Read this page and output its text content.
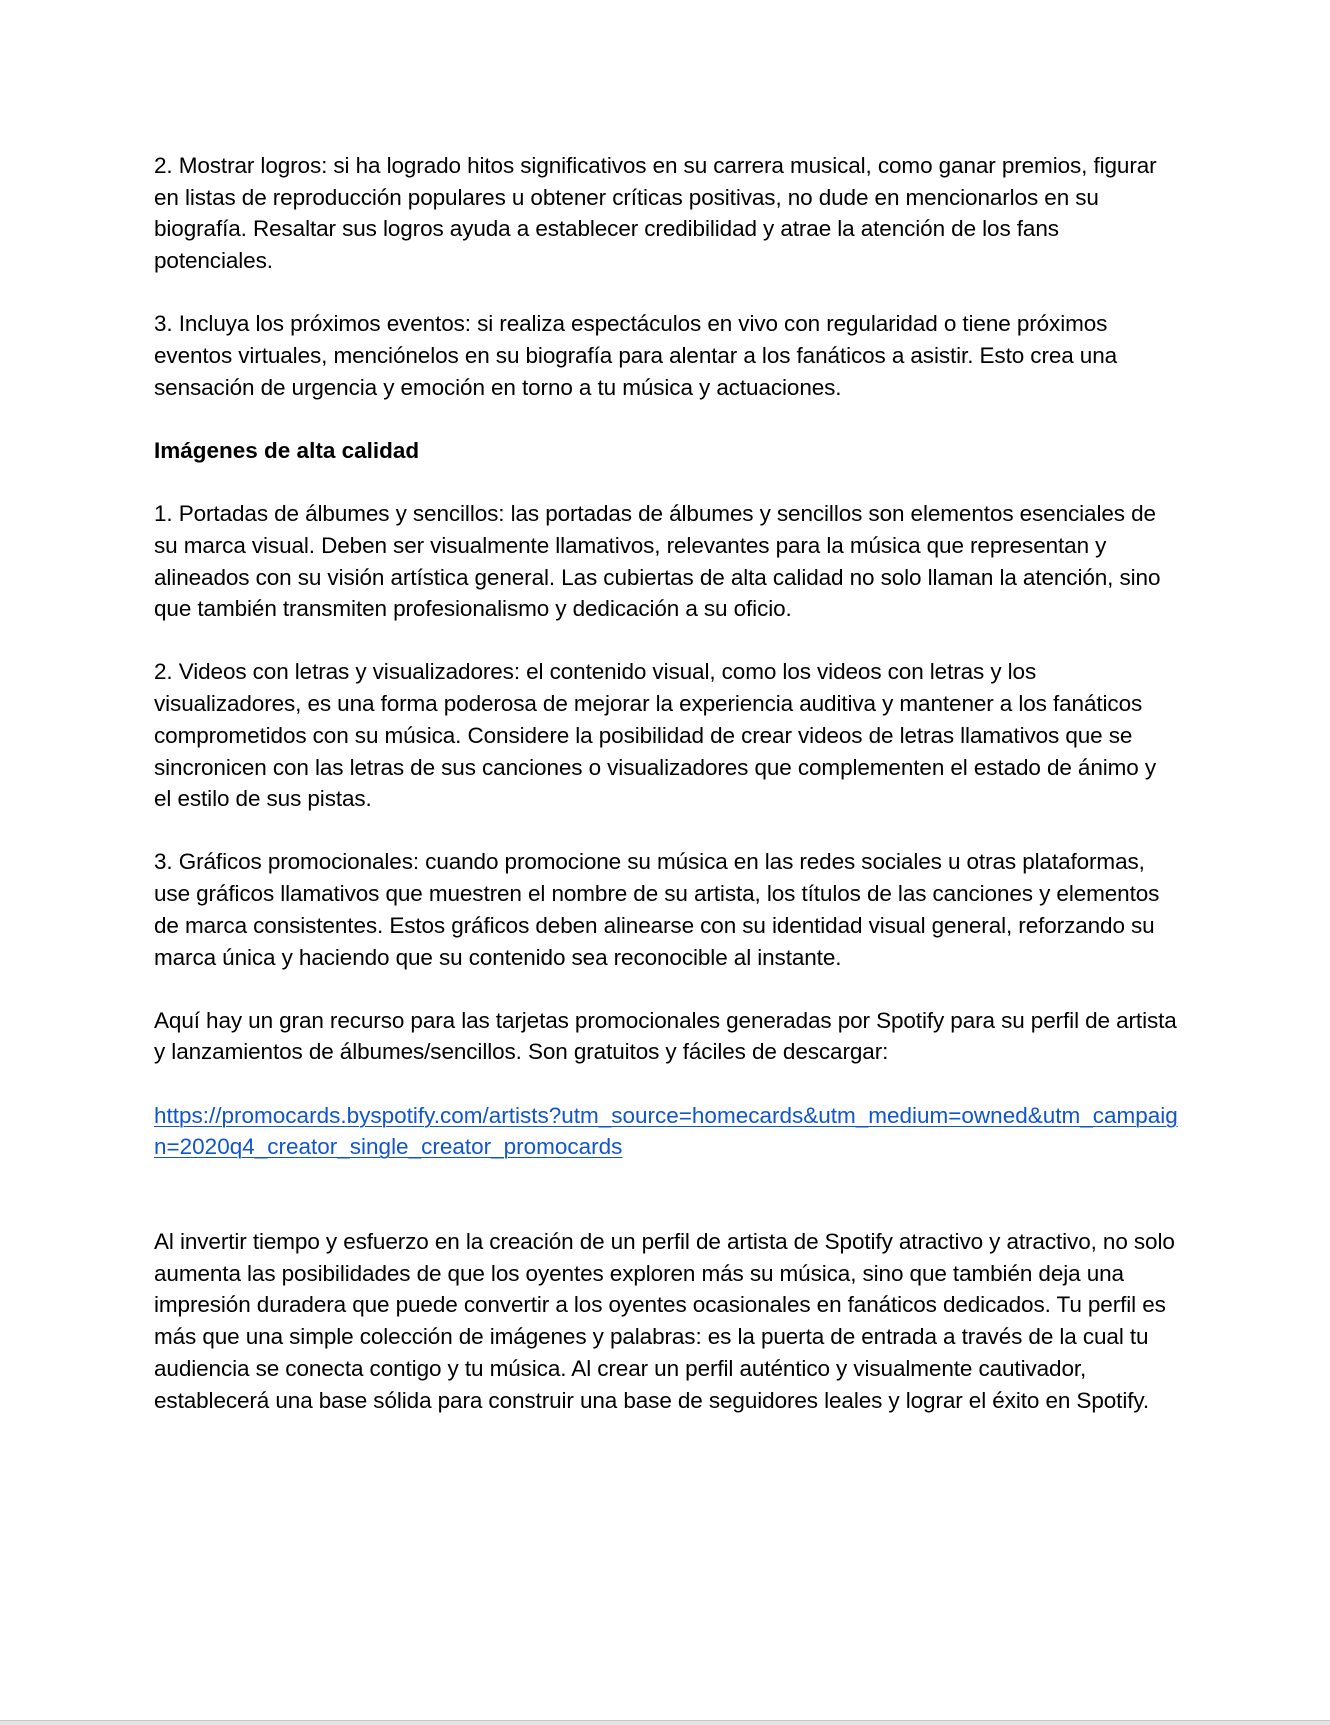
2. Mostrar logros: si ha logrado hitos significativos en su carrera musical, como ganar premios, figurar en listas de reproducción populares u obtener críticas positivas, no dude en mencionarlos en su biografía. Resaltar sus logros ayuda a establecer credibilidad y atrae la atención de los fans potenciales.

3. Incluya los próximos eventos: si realiza espectáculos en vivo con regularidad o tiene próximos eventos virtuales, menciónelos en su biografía para alentar a los fanáticos a asistir. Esto crea una sensación de urgencia y emoción en torno a tu música y actuaciones.

Imágenes de alta calidad

1. Portadas de álbumes y sencillos: las portadas de álbumes y sencillos son elementos esenciales de su marca visual. Deben ser visualmente llamativos, relevantes para la música que representan y alineados con su visión artística general. Las cubiertas de alta calidad no solo llaman la atención, sino que también transmiten profesionalismo y dedicación a su oficio.

2. Videos con letras y visualizadores: el contenido visual, como los videos con letras y los visualizadores, es una forma poderosa de mejorar la experiencia auditiva y mantener a los fanáticos comprometidos con su música. Considere la posibilidad de crear videos de letras llamativos que se sincronicen con las letras de sus canciones o visualizadores que complementen el estado de ánimo y el estilo de sus pistas.

3. Gráficos promocionales: cuando promocione su música en las redes sociales u otras plataformas, use gráficos llamativos que muestren el nombre de su artista, los títulos de las canciones y elementos de marca consistentes. Estos gráficos deben alinearse con su identidad visual general, reforzando su marca única y haciendo que su contenido sea reconocible al instante.

Aquí hay un gran recurso para las tarjetas promocionales generadas por Spotify para su perfil de artista y lanzamientos de álbumes/sencillos. Son gratuitos y fáciles de descargar:

https://promocards.byspotify.com/artists?utm_source=homecards&utm_medium=owned&utm_campaign=2020q4_creator_single_creator_promocards

Al invertir tiempo y esfuerzo en la creación de un perfil de artista de Spotify atractivo y atractivo, no solo aumenta las posibilidades de que los oyentes exploren más su música, sino que también deja una impresión duradera que puede convertir a los oyentes ocasionales en fanáticos dedicados. Tu perfil es más que una simple colección de imágenes y palabras: es la puerta de entrada a través de la cual tu audiencia se conecta contigo y tu música. Al crear un perfil auténtico y visualmente cautivador, establecerá una base sólida para construir una base de seguidores leales y lograr el éxito en Spotify.
